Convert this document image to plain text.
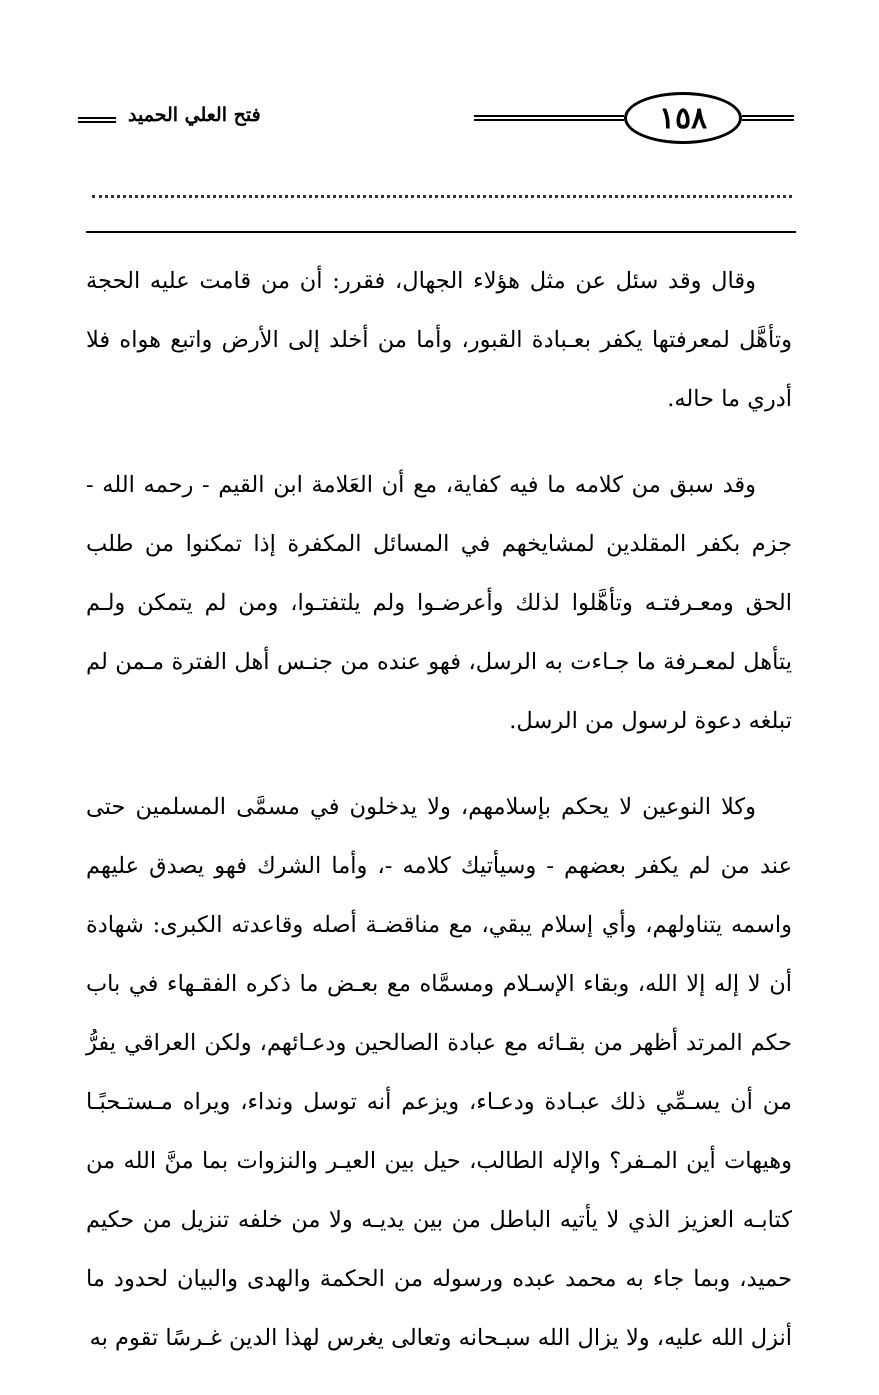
١٥٨
فتح العلي الحميد

وقال وقد سئل عن مثل هؤلاء الجهال، فقرر: أن من قامت عليه الحجة وتأهَّل لمعرفتها يكفر بعـبادة القبور، وأما من أخلد إلى الأرض واتبع هواه فلا أدري ما حاله.

وقد سبق من كلامه ما فيه كفاية، مع أن العَلامة ابن القيم - رحمه الله - جزم بكفر المقلدين لمشايخهم في المسائل المكفرة إذا تمكنوا من طلب الحق ومعـرفتـه وتأهَّلوا لذلك وأعرضـوا ولم يلتفتـوا، ومن لم يتمكن ولـم يتأهل لمعـرفة ما جـاءت به الرسل، فهو عنده من جنـس أهل الفترة مـمن لم تبلغه دعوة لرسول من الرسل.

وكلا النوعين لا يحكم بإسلامهم، ولا يدخلون في مسمَّى المسلمين حتى عند من لم يكفر بعضهم - وسيأتيك كلامه -، وأما الشرك فهو يصدق عليهم واسمه يتناولهم، وأي إسلام يبقي، مع مناقضـة أصله وقاعدته الكبرى: شهادة أن لا إله إلا الله، وبقاء الإسـلام ومسمَّاه مع بعـض ما ذكره الفقـهاء في باب حكم المرتد أظهر من بقـائه مع عبادة الصالحين ودعـائهم، ولكن العراقي يفرُّ من أن يسـمِّي ذلك عبـادة ودعـاء، ويزعم أنه توسل ونداء، ويراه مـستـحبًـا وهيهات أين المـفر؟ والإله الطالب، حيل بين العيـر والنزوات بما منَّ الله من كتابـه العزيز الذي لا يأتيه الباطل من بين يديـه ولا من خلفه تنزيل من حكيم حميد، وبما جاء به محمد عبده ورسوله من الحكمة والهدى والبيان لحدود ما أنزل الله عليه، ولا يزال الله سبـحانه وتعالى يغرس لهذا الدين غـرسًا تقوم به
